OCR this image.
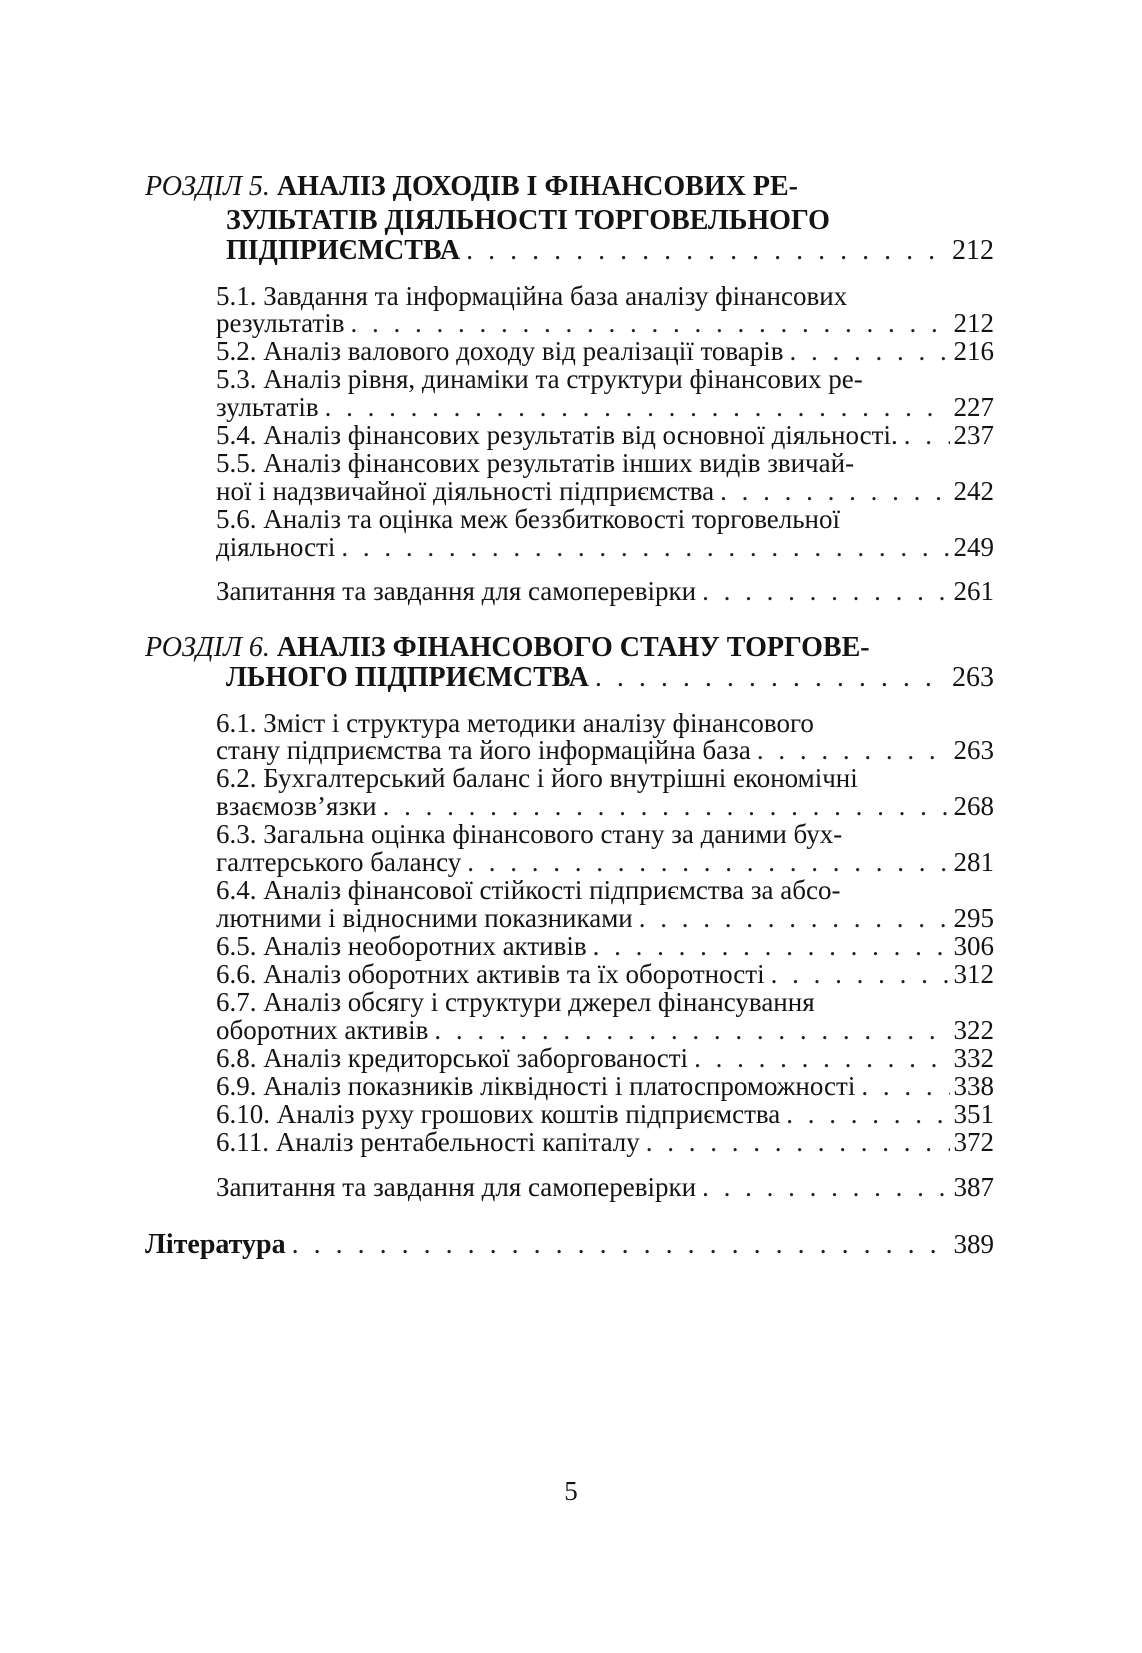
РОЗДІЛ 5. АНАЛІЗ ДОХОДІВ І ФІНАНСОВИХ РЕ-
ЗУЛЬТАТІВ ДІЯЛЬНОСТІ ТОРГОВЕЛЬНОГО
ПІДПРИЄМСТВА . . .	212
5.1. Завдання та інформаційна база аналізу фінансових
результатів . . .	212
5.2. Аналіз валового доходу від реалізації товарів . . .	216
5.3. Аналіз рівня, динаміки та структури фінансових ре-
зультатів . . .	227
5.4. Аналіз фінансових результатів від основної діяльності. . . . 237
5.5. Аналіз фінансових результатів інших видів звичай-
ної і надзвичайної діяльності підприємства . . .	242
5.6. Аналіз та оцінка меж беззбитковості торговельної
діяльності . . .	249
Запитання та завдання для самоперевірки . . .	261
РОЗДІЛ 6. АНАЛІЗ ФІНАНСОВОГО СТАНУ ТОРГОВЕ-
ЛЬНОГО ПІДПРИЄМСТВА . . .	263
6.1. Зміст і структура методики аналізу фінансового
стану підприємства та його інформаційна база . . .	263
6.2. Бухгалтерський баланс і його внутрішні економічні
взаємозв’язки . . .	268
6.3. Загальна оцінка фінансового стану за даними бух-
галтерського балансу . . .	281
6.4. Аналіз фінансової стійкості підприємства за абсо-
лютними і відносними показниками . . .	295
6.5. Аналіз необоротних активів . . .	306
6.6. Аналіз оборотних активів та їх оборотності . . .	312
6.7. Аналіз обсягу і структури джерел фінансування
оборотних активів . . .	322
6.8. Аналіз кредиторської заборгованості . . .	332
6.9. Аналіз показників ліквідності і платоспроможності . . .	338
6.10. Аналіз руху грошових коштів підприємства . . .	351
6.11. Аналіз рентабельності капіталу . . .	372
Запитання та завдання для самоперевірки . . .	387
Література . . .	389
5
